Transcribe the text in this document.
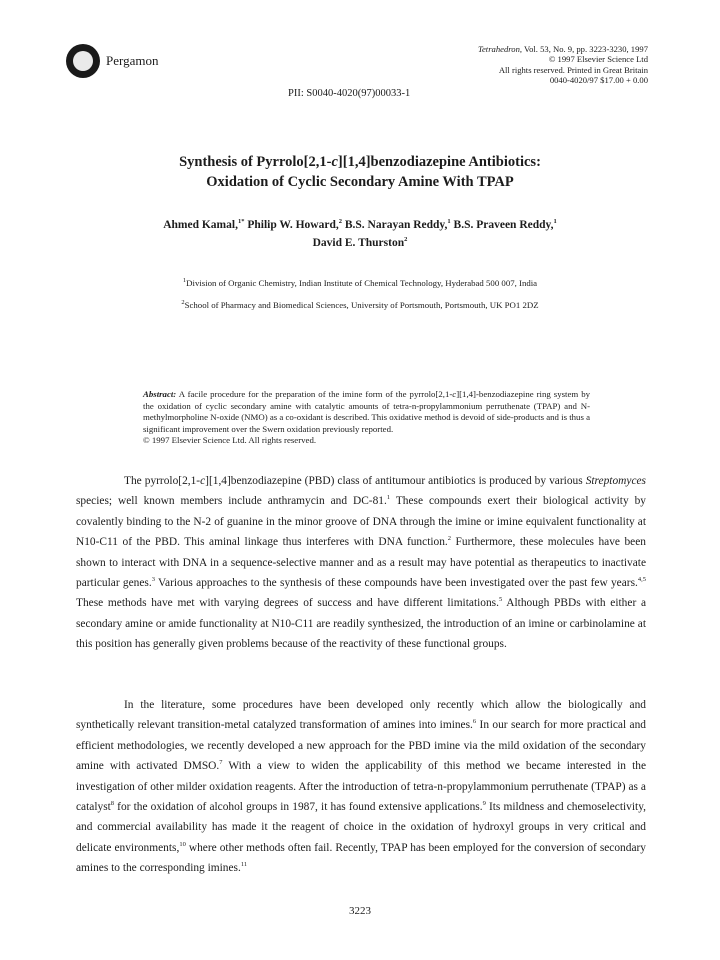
Pergamon
Tetrahedron, Vol. 53, No. 9, pp. 3223-3230, 1997
© 1997 Elsevier Science Ltd
All rights reserved. Printed in Great Britain
0040-4020/97 $17.00 + 0.00
PII: S0040-4020(97)00033-1
Synthesis of Pyrrolo[2,1-c][1,4]benzodiazepine Antibiotics:
Oxidation of Cyclic Secondary Amine With TPAP
Ahmed Kamal,$^{1*}$ Philip W. Howard,$^2$ B.S. Narayan Reddy,$^1$ B.S. Praveen Reddy,$^1$
David E. Thurston$^2$
$^1$Division of Organic Chemistry, Indian Institute of Chemical Technology, Hyderabad 500 007, India
$^2$School of Pharmacy and Biomedical Sciences, University of Portsmouth, Portsmouth, UK PO1 2DZ
Abstract: A facile procedure for the preparation of the imine form of the pyrrolo[2,1-c][1,4]-benzodiazepine ring system by the oxidation of cyclic secondary amine with catalytic amounts of tetra-n-propylammonium perruthenate (TPAP) and N-methylmorpholine N-oxide (NMO) as a co-oxidant is described. This oxidative method is devoid of side-products and is thus a significant improvement over the Swern oxidation previously reported.
© 1997 Elsevier Science Ltd. All rights reserved.

The pyrrolo[2,1-c][1,4]benzodiazepine (PBD) class of antitumour antibiotics is produced by various Streptomyces species; well known members include anthramycin and DC-81.$^1$ These compounds exert their biological activity by covalently binding to the N-2 of guanine in the minor groove of DNA through the imine or imine equivalent functionality at N10-C11 of the PBD. This aminal linkage thus interferes with DNA function.$^2$ Furthermore, these molecules have been shown to interact with DNA in a sequence-selective manner and as a result may have potential as therapeutics to inactivate particular genes.$^3$ Various approaches to the synthesis of these compounds have been investigated over the past few years.$^{4,5}$ These methods have met with varying degrees of success and have different limitations.$^5$ Although PBDs with either a secondary amine or amide functionality at N10-C11 are readily synthesized, the introduction of an imine or carbinolamine at this position has generally given problems because of the reactivity of these functional groups.

In the literature, some procedures have been developed only recently which allow the biologically and synthetically relevant transition-metal catalyzed transformation of amines into imines.$^6$ In our search for more practical and efficient methodologies, we recently developed a new approach for the PBD imine via the mild oxidation of the secondary amine with activated DMSO.$^7$ With a view to widen the applicability of this method we became interested in the investigation of other milder oxidation reagents. After the introduction of tetra-n-propylammonium perruthenate (TPAP) as a catalyst$^8$ for the oxidation of alcohol groups in 1987, it has found extensive applications.$^9$ Its mildness and chemoselectivity, and commercial availability has made it the reagent of choice in the oxidation of hydroxyl groups in very critical and delicate environments,$^{10}$ where other methods often fail. Recently, TPAP has been employed for the conversion of secondary amines to the corresponding imines.$^{11}$

3223
